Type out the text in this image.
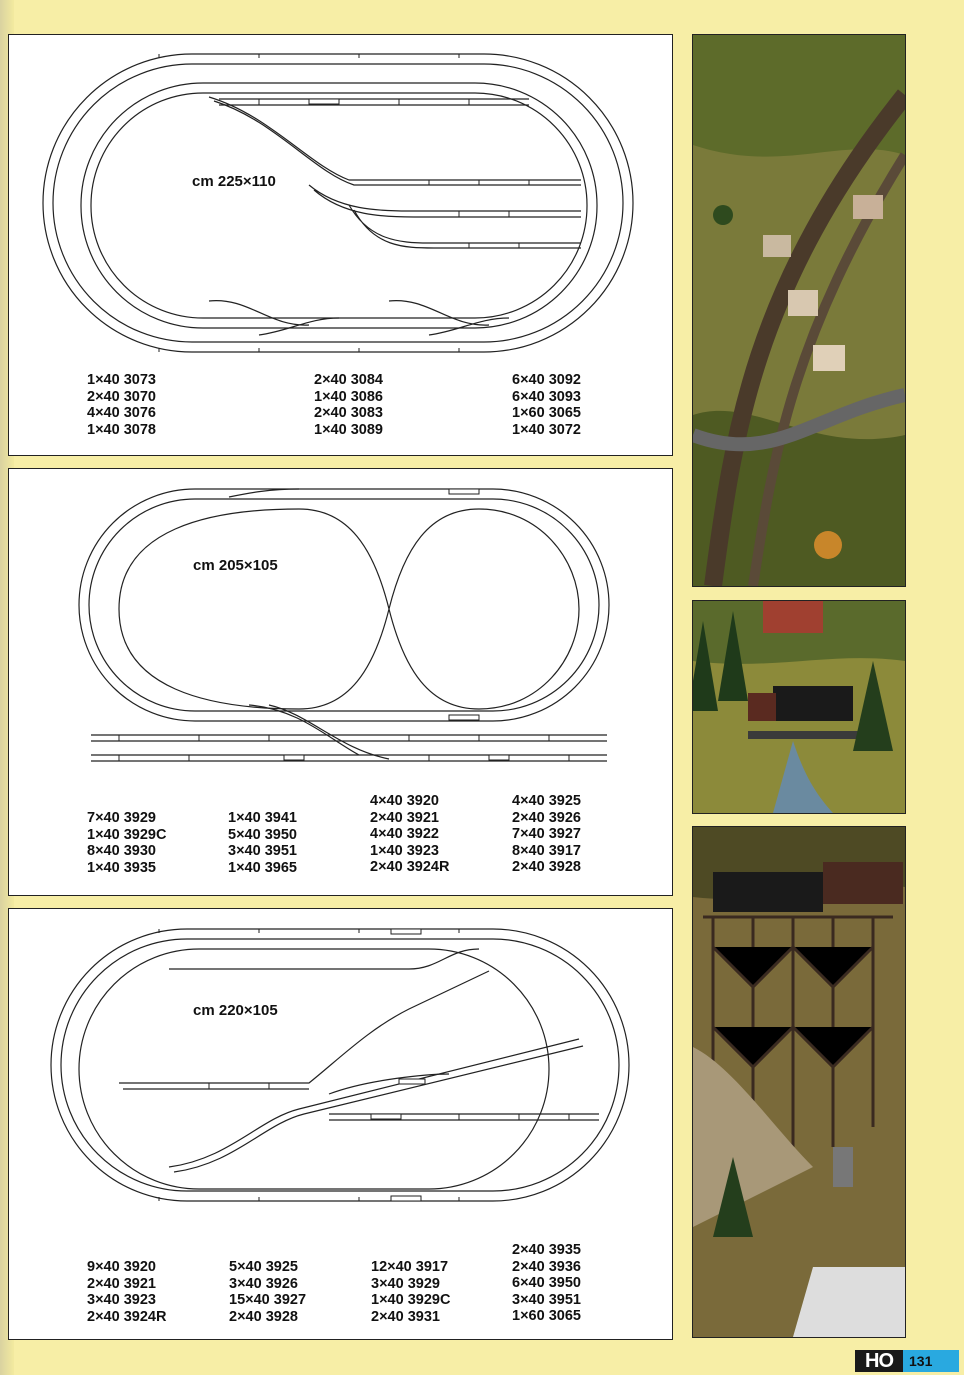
cm 225×110
1×40 3073
2×40 3070
4×40 3076
1×40 3078
2×40 3084
1×40 3086
2×40 3083
1×40 3089
6×40 3092
6×40 3093
1×60 3065
1×40 3072
cm 205×105
7×40 3929
1×40 3929C
8×40 3930
1×40 3935
1×40 3941
5×40 3950
3×40 3951
1×40 3965
4×40 3920
2×40 3921
4×40 3922
1×40 3923
2×40 3924R
4×40 3925
2×40 3926
7×40 3927
8×40 3917
2×40 3928
cm 220×105
9×40 3920
2×40 3921
3×40 3923
2×40 3924R
5×40 3925
3×40 3926
15×40 3927
2×40 3928
12×40 3917
3×40 3929
1×40 3929C
2×40 3931
2×40 3935
2×40 3936
6×40 3950
3×40 3951
1×60 3065
HO	131
